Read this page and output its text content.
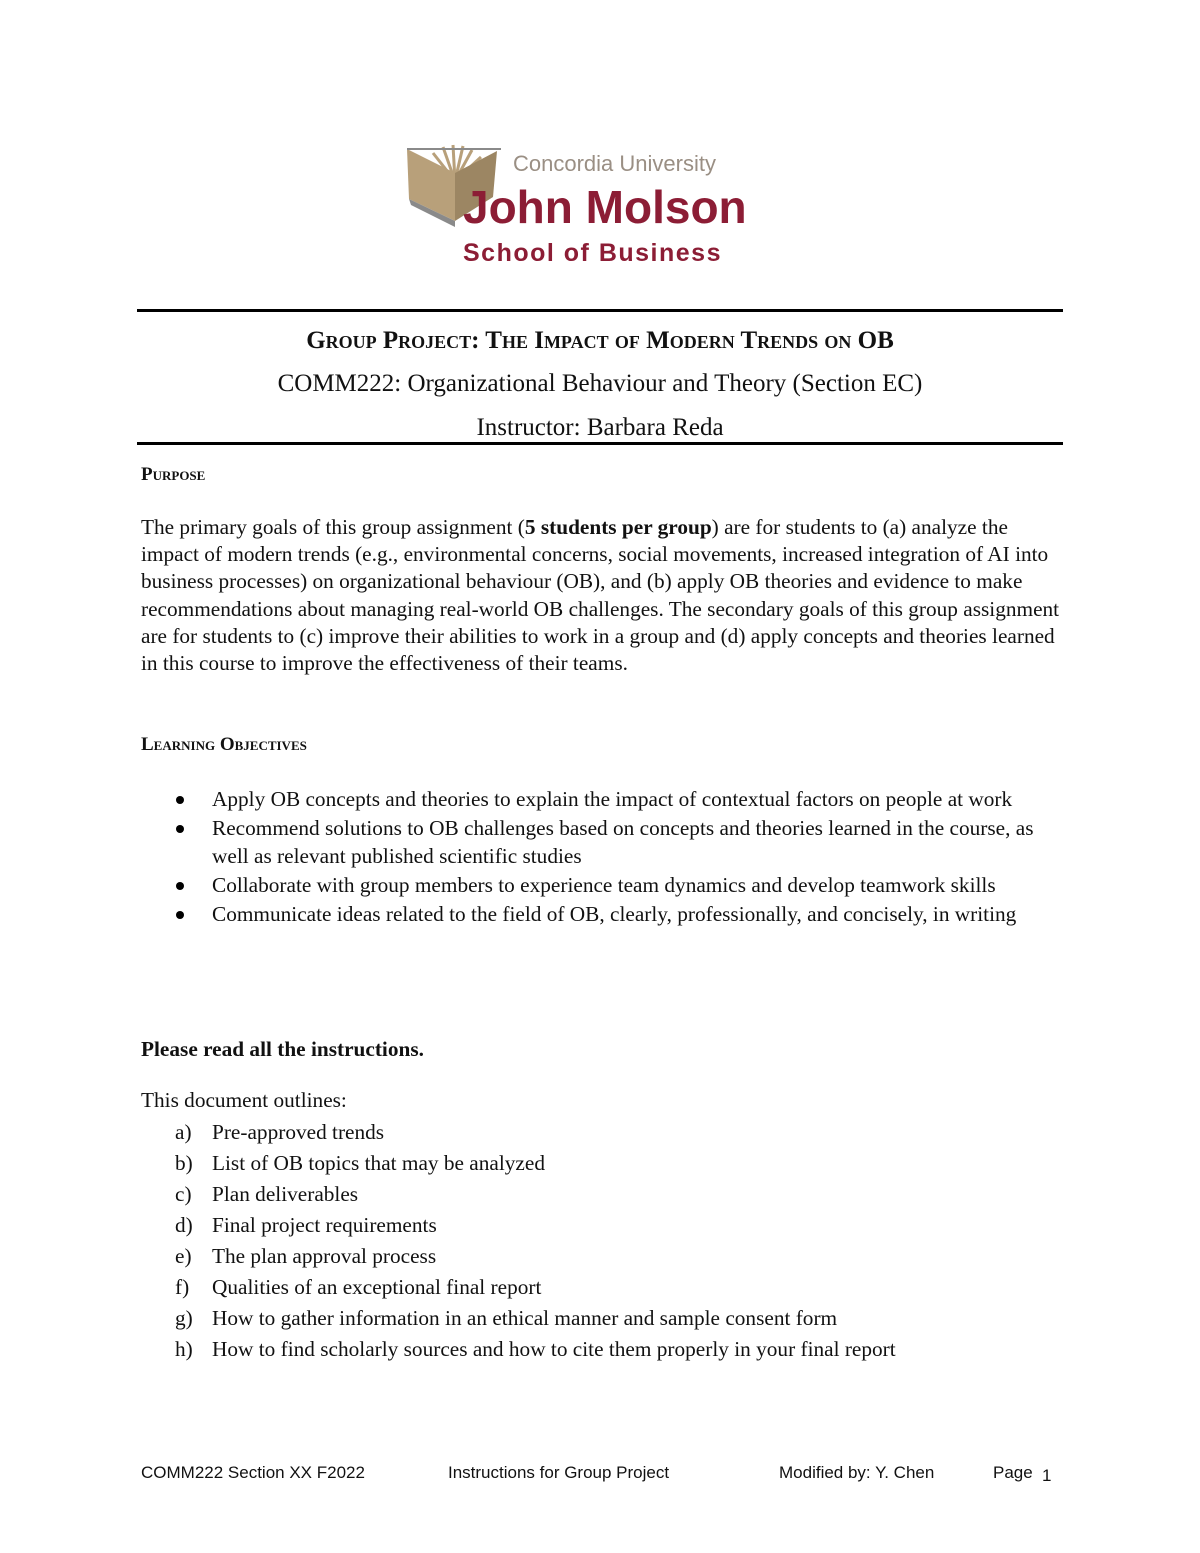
Concordia University
John Molson
School of Business
Group Project: The Impact of Modern Trends on OB
COMM222: Organizational Behaviour and Theory (Section EC)
Instructor: Barbara Reda
Purpose

The primary goals of this group assignment (5 students per group) are for students to (a) analyze the impact of modern trends (e.g., environmental concerns, social movements, increased integration of AI into business processes) on organizational behaviour (OB), and (b) apply OB theories and evidence to make recommendations about managing real-world OB challenges. The secondary goals of this group assignment are for students to (c) improve their abilities to work in a group and (d) apply concepts and theories learned in this course to improve the effectiveness of their teams.

Learning Objectives
Apply OB concepts and theories to explain the impact of contextual factors on people at work
Recommend solutions to OB challenges based on concepts and theories learned in the course, as well as relevant published scientific studies
Collaborate with group members to experience team dynamics and develop teamwork skills
Communicate ideas related to the field of OB, clearly, professionally, and concisely, in writing
Please read all the instructions.
This document outlines:
a) Pre-approved trends
b) List of OB topics that may be analyzed
c) Plan deliverables
d) Final project requirements
e) The plan approval process
f) Qualities of an exceptional final report
g) How to gather information in an ethical manner and sample consent form
h) How to find scholarly sources and how to cite them properly in your final report
COMM222 Section XX F2022	Instructions for Group Project	Modified by: Y. Chen	Page 1
